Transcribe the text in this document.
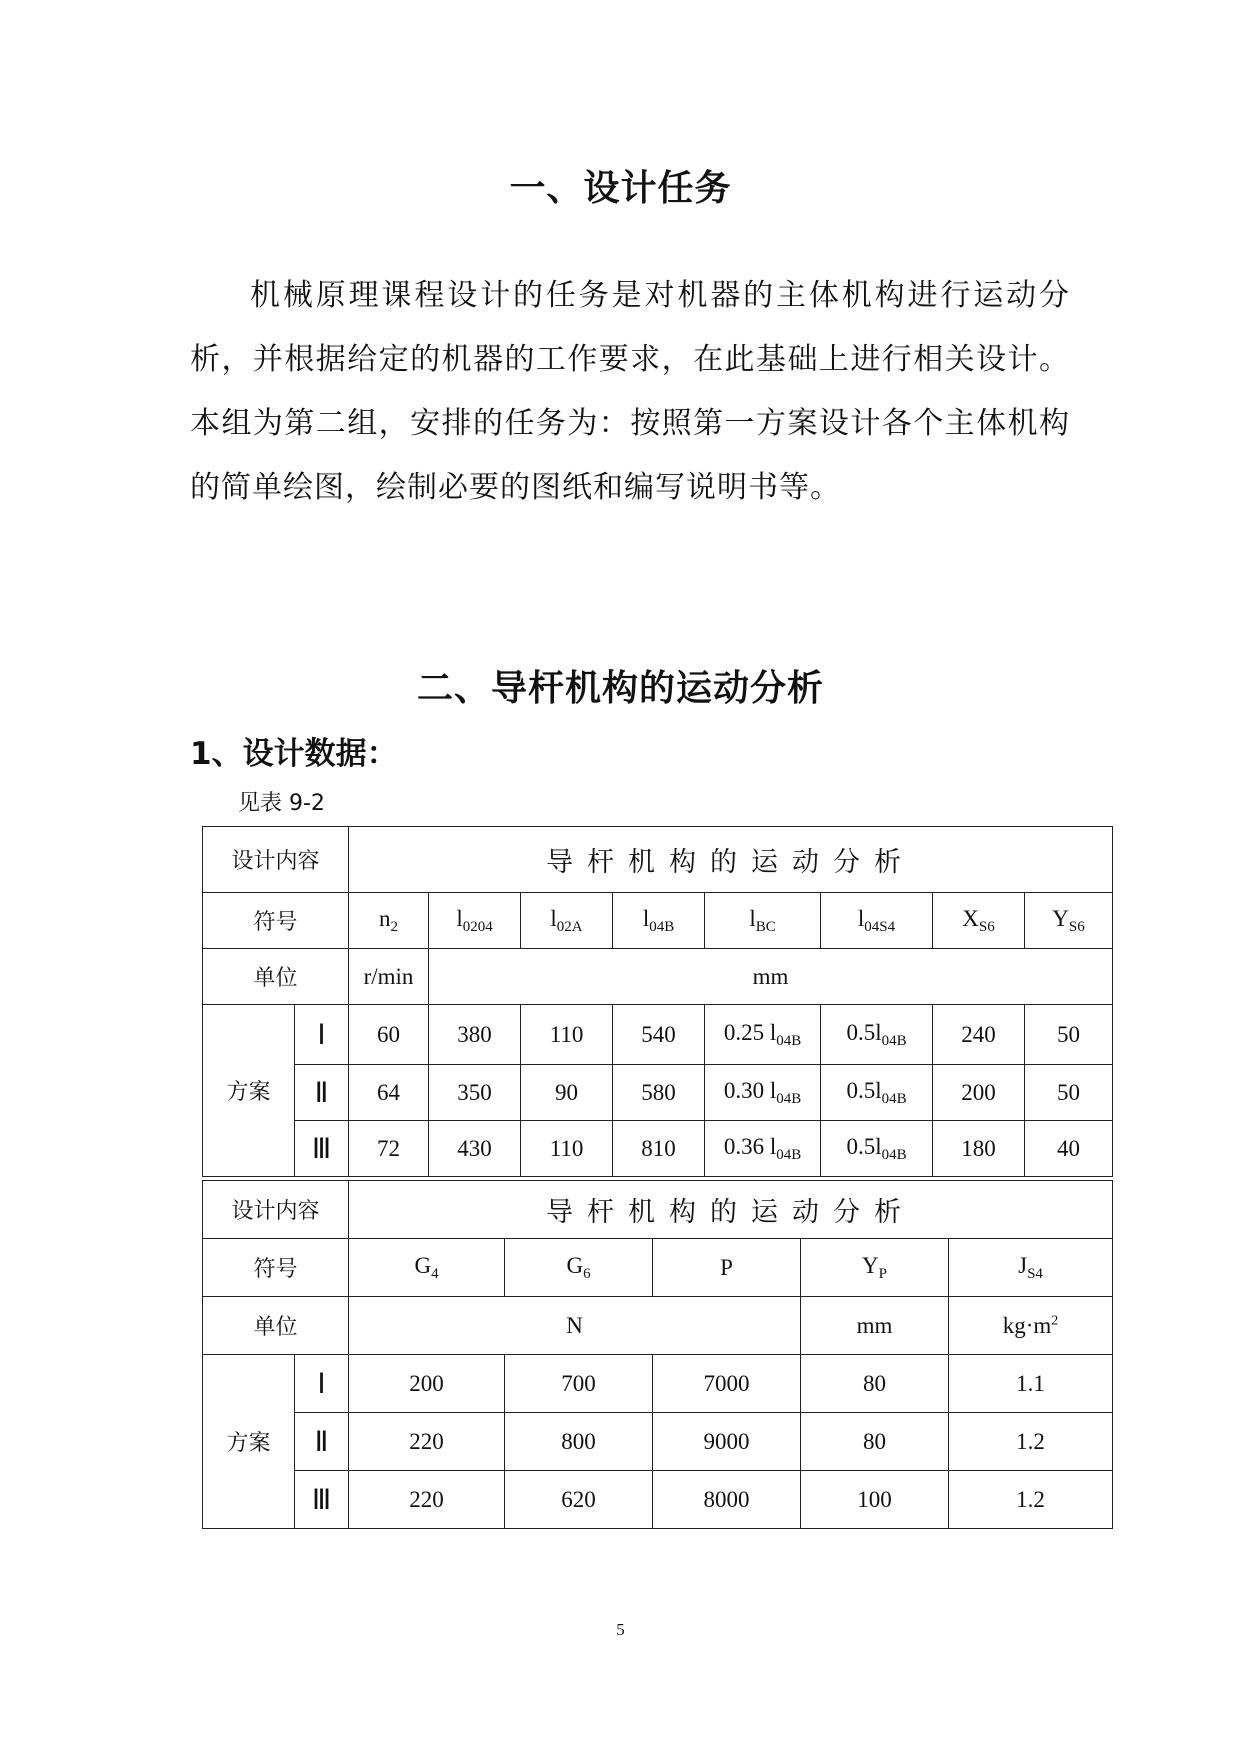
一、设计任务
机械原理课程设计的任务是对机器的主体机构进行运动分析，并根据给定的机器的工作要求，在此基础上进行相关设计。本组为第二组，安排的任务为：按照第一方案设计各个主体机构的简单绘图，绘制必要的图纸和编写说明书等。
二、导杆机构的运动分析
1、设计数据：
见表 9-2
设计内容		导杆机构的运动分析							
符号		$n_2$	$l_{0204}$	$l_{02A}$	$l_{04B}$	$l_{BC}$	$l_{04S4}$	$X_{S6}$	$Y_{S6}$
单位		r/min	mm						
方案	Ⅰ	60	380	110	540	0.25 $l_{04B}$	$0.5l_{04B}$	240	50
	Ⅱ	64	350	90	580	0.30 $l_{04B}$	$0.5l_{04B}$	200	50
	Ⅲ	72	430	110	810	0.36 $l_{04B}$	$0.5l_{04B}$	180	40
设计内容		导杆机构的运动分析				
符号		$G_4$	$G_6$	P	$Y_P$	$J_{S4}$
单位		N			mm	$kg\cdot m^2$
方案	Ⅰ	200	700	7000	80	1.1
	Ⅱ	220	800	9000	80	1.2
	Ⅲ	220	620	8000	100	1.2
5
